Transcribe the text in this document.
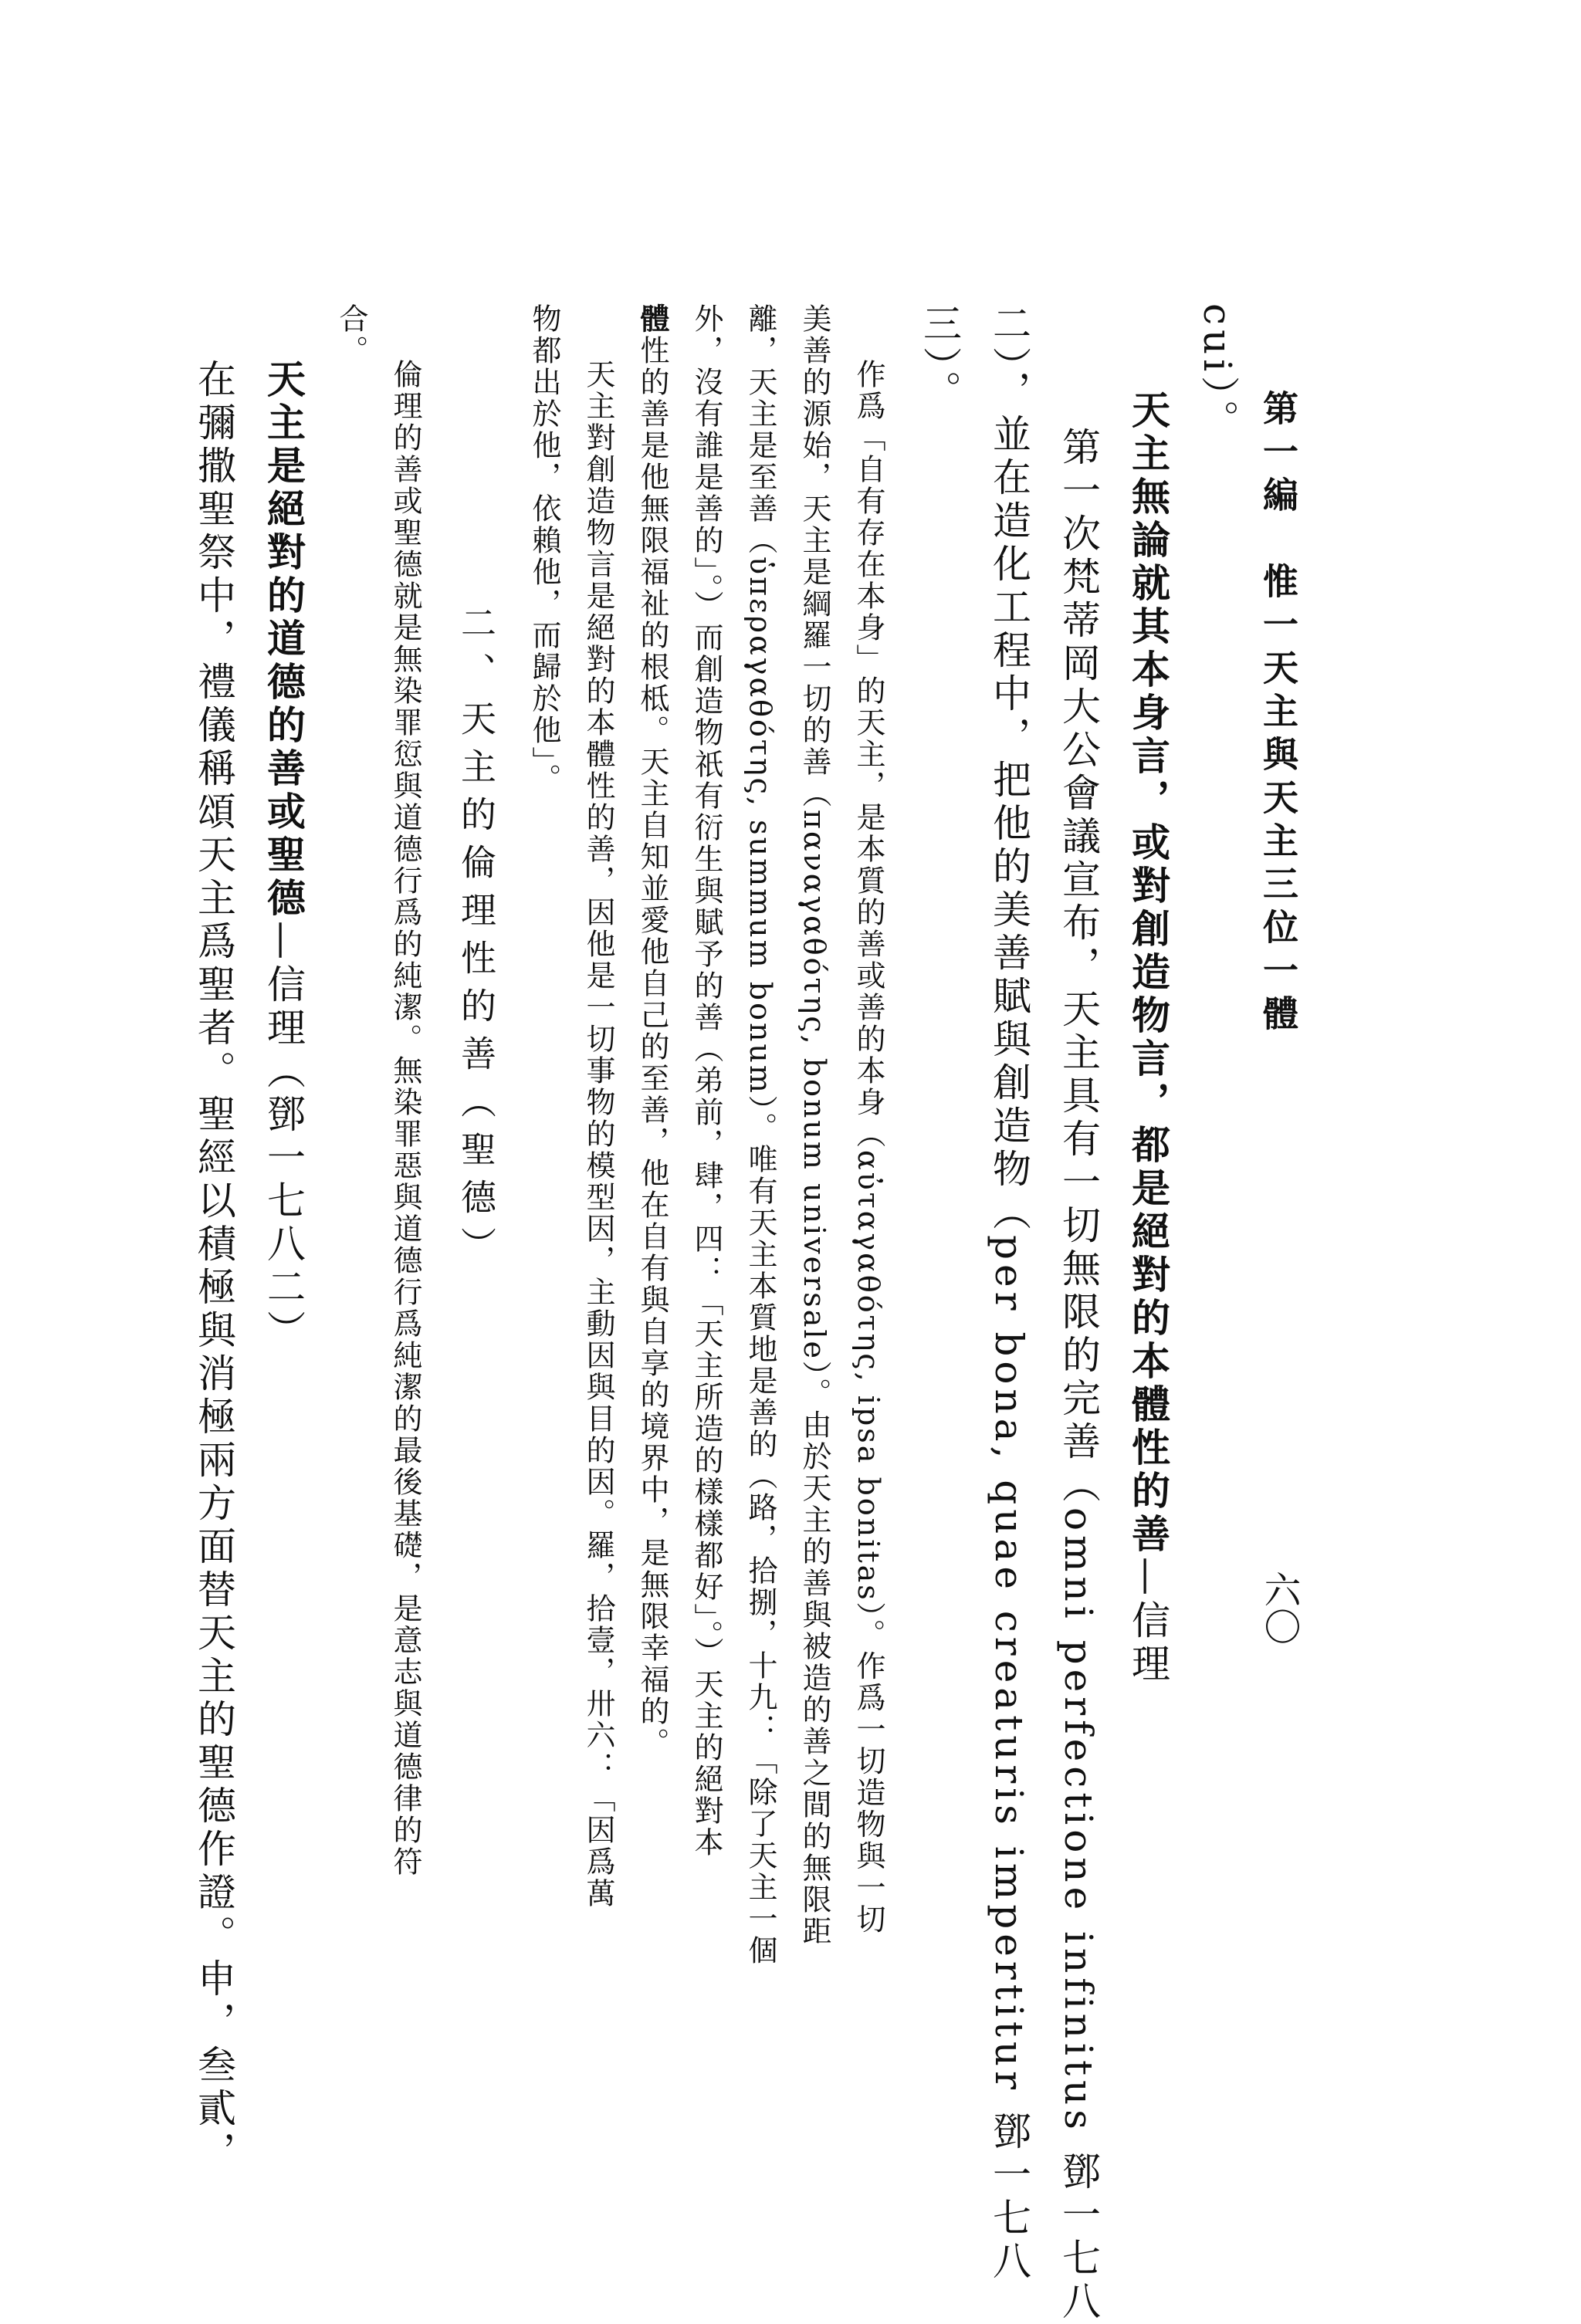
第一編　惟一天主與天主三位一體
六〇
cui）。
天主無論就其本身言，或對創造物言，都是絕對的本體性的善—信理
第一次梵蒂岡大公會議宣布，天主具有一切無限的完善（omni perfectione infinitus 鄧一七八
二），並在造化工程中，把他的美善賦與創造物（per bona, quae creaturis impertitur 鄧一七八
三）。
作爲「自有存在本身」的天主，是本質的善或善的本身（αὐταγαθότης, ipsa bonitas）。作爲一切造物與一切
美善的源始，天主是綱羅一切的善（παναγαθότης, bonum universale）。由於天主的善與被造的善之間的無限距
離，天主是至善（ὑπεραγαθότης, summum bonum）。唯有天主本質地是善的（路，拾捌，十九：「除了天主一個
外，沒有誰是善的」。）而創造物祇有衍生與賦予的善（弟前，肆，四：「天主所造的樣樣都好」。）天主的絕對本
體性的善是他無限福祉的根柢。天主自知並愛他自己的至善，他在自有與自享的境界中，是無限幸福的。
天主對創造物言是絕對的本體性的善，因他是一切事物的模型因，主動因與目的因。羅，拾壹，卅六：「因爲萬
物都出於他，依賴他，而歸於他」。
二、天主的倫理性的善（聖德）
倫理的善或聖德就是無染罪愆與道德行爲的純潔。無染罪惡與道德行爲純潔的最後基礎，是意志與道德律的符
合。
天主是絕對的道德的善或聖德—信理（鄧一七八二）
在彌撒聖祭中，禮儀稱頌天主爲聖者。聖經以積極與消極兩方面替天主的聖德作證。申，叁貳，
